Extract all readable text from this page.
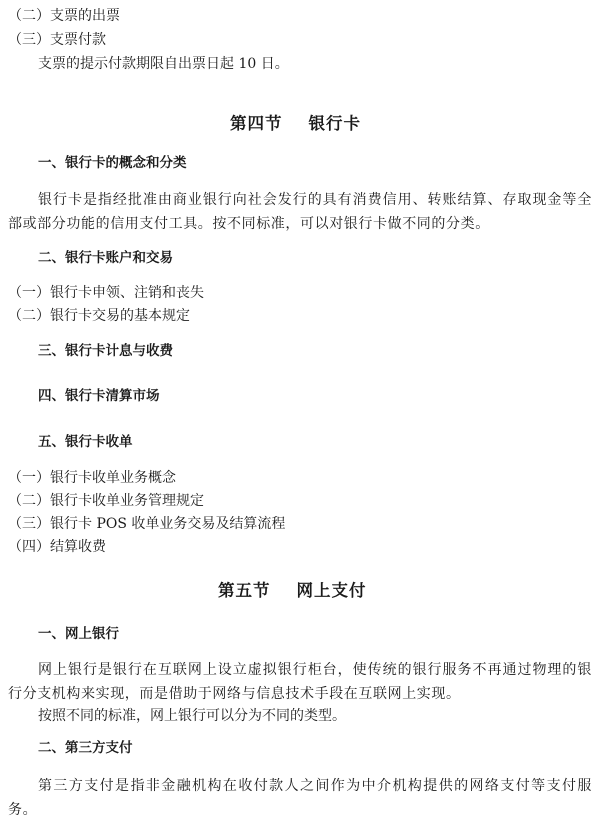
（二）支票的出票
（三）支票付款
支票的提示付款期限自出票日起 10 日。
第四节 银行卡
一、银行卡的概念和分类
银行卡是指经批准由商业银行向社会发行的具有消费信用、转账结算、存取现金等全部或部分功能的信用支付工具。按不同标准，可以对银行卡做不同的分类。
二、银行卡账户和交易
（一）银行卡申领、注销和丧失
（二）银行卡交易的基本规定
三、银行卡计息与收费
四、银行卡清算市场
五、银行卡收单
（一）银行卡收单业务概念
（二）银行卡收单业务管理规定
（三）银行卡 POS 收单业务交易及结算流程
（四）结算收费
第五节 网上支付
一、网上银行
网上银行是银行在互联网上设立虚拟银行柜台，使传统的银行服务不再通过物理的银行分支机构来实现，而是借助于网络与信息技术手段在互联网上实现。
按照不同的标准，网上银行可以分为不同的类型。
二、第三方支付
第三方支付是指非金融机构在收付款人之间作为中介机构提供的网络支付等支付服务。
